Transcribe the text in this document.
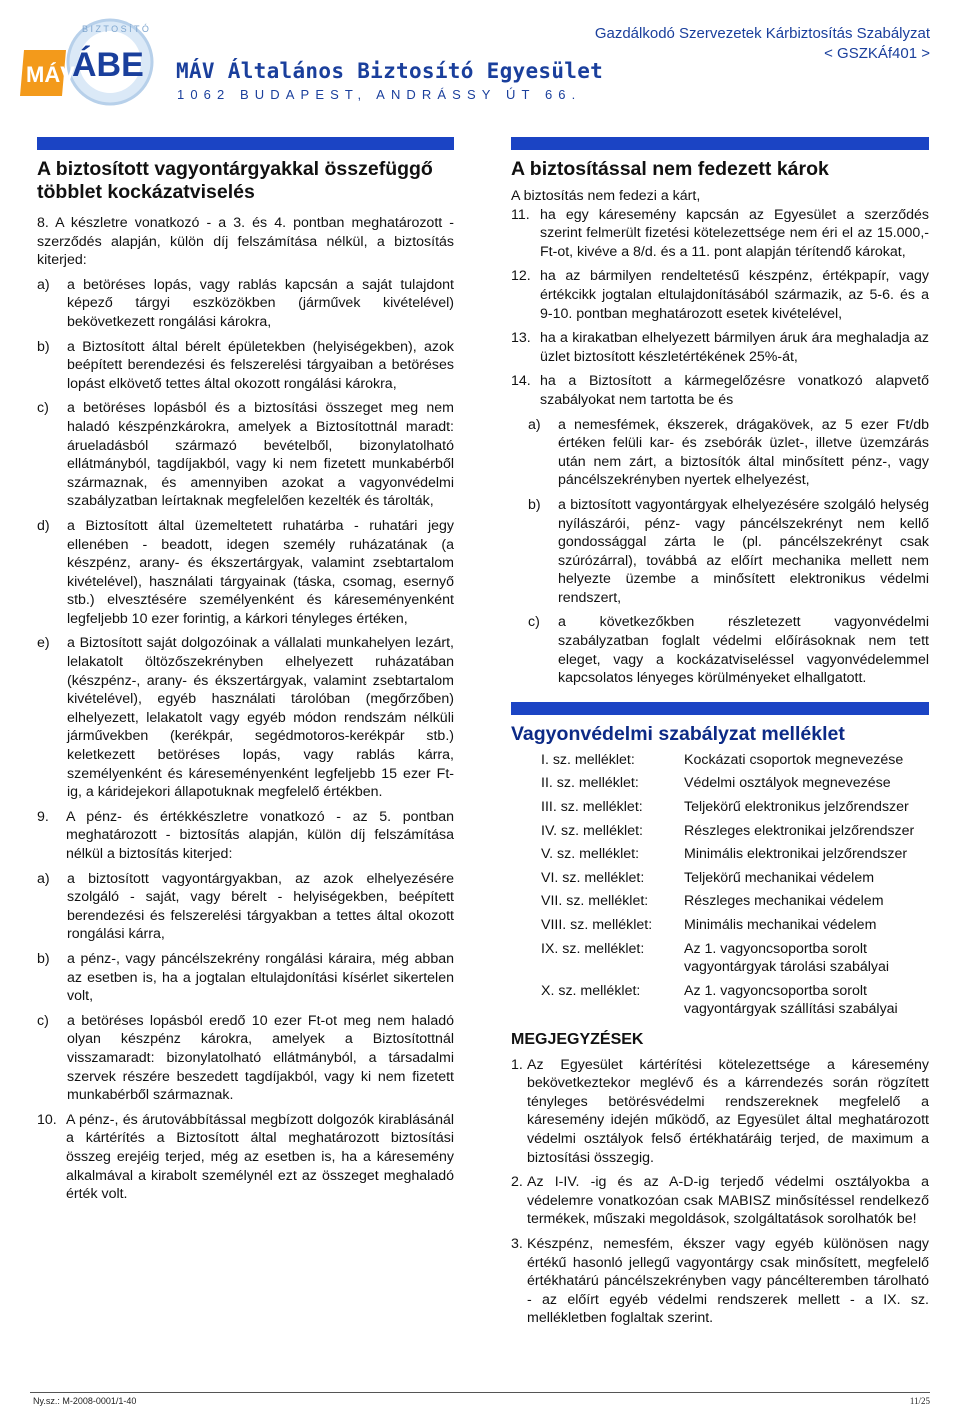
B I Z T O S Í T Ó
MÁV
ÁBE MÁV Általános Biztosító Egyesület
1062 BUDAPEST, ANDRÁSSY ÚT 66.
Gazdálkodó Szervezetek Kárbiztosítás Szabályzat
< GSZKÁf401 >
A biztosított vagyontárgyakkal összefüggő többlet kockázatviselés
8. A készletre vonatkozó - a 3. és 4. pontban meghatározott - szerződés alapján, külön díj felszámítása nélkül, a biztosítás kiterjed:
a)	a betöréses lopás, vagy rablás kapcsán a saját tulajdont képező tárgyi eszközökben (járművek kivételével) bekövetkezett rongálási károkra,
b)	a Biztosított által bérelt épületekben (helyiségekben), azok beépített berendezési és felszerelési tárgyaiban a betöréses lopást elkövető tettes által okozott rongálási károkra,
c)	a betöréses lopásból és a biztosítási összeget meg nem haladó készpénzkárokra, amelyek a Biztosítottnál maradt: árueladásból származó bevételből, bizonylatolható ellátmányból, tagdíjakból, vagy ki nem fizetett munkabérből származnak, és amennyiben azokat a vagyonvédelmi szabályzatban leírtaknak megfelelően kezelték és tárolták,
d)	a Biztosított által üzemeltetett ruhatárba - ruhatári jegy ellenében - beadott, idegen személy ruházatának (a készpénz, arany- és ékszertárgyak, valamint zsebtartalom kivételével), használati tárgyainak (táska, csomag, esernyő stb.) elvesztésére személyenként és káreseményenként legfeljebb 10 ezer forintig, a kárkori tényleges értéken,
e)	a Biztosított saját dolgozóinak a vállalati munkahelyen lezárt, lelakatolt öltözőszekrényben elhelyezett ruházatában (készpénz-, arany- és ékszertárgyak, valamint zsebtartalom kivételével), egyéb használati tárolóban (megőrzőben) elhelyezett, lelakatolt vagy egyéb módon rendszám nélküli járművekben (kerékpár, segédmotoros-kerékpár stb.) keletkezett betöréses lopás, vagy rablás kárra, személyenként és káreseményenként legfeljebb 15 ezer Ft-ig, a káridejekori állapotuknak megfelelő értékben.
9.	A pénz- és értékkészletre vonatkozó - az 5. pontban meghatározott - biztosítás alapján, külön díj felszámítása nélkül a biztosítás kiterjed:
a)	a biztosított vagyontárgyakban, az azok elhelyezésére szolgáló - saját, vagy bérelt - helyiségekben, beépített berendezési és felszerelési tárgyakban a tettes által okozott rongálási kárra,
b)	a pénz-, vagy páncélszekrény rongálási káraira, még abban az esetben is, ha a jogtalan eltulajdonítási kísérlet sikertelen volt,
c)	a betöréses lopásból eredő 10 ezer Ft-ot meg nem haladó olyan készpénz károkra, amelyek a Biztosítottnál visszamaradt: bizonylatolható ellátmányból, a társadalmi szervek részére beszedett tagdíjakból, vagy ki nem fizetett munkabérből származnak.
10. A pénz-, és árutovábbítással megbízott dolgozók kirablásánál a kártérítés a Biztosított által meghatározott biztosítási összeg erejéig terjed, még az esetben is, ha a káresemény alkalmával a kirabolt személynél ezt az összeget meghaladó érték volt.
A biztosítással nem fedezett károk
A biztosítás nem fedezi a kárt,
11. ha egy káresemény kapcsán az Egyesület a szerződés szerint felmerült fizetési kötelezettsége nem éri el az 15.000,-Ft-ot, kivéve a 8/d. és a 11. pont alapján térítendő károkat,
12. ha az bármilyen rendeltetésű készpénz, értékpapír, vagy értékcikk jogtalan eltulajdonításából származik, az 5-6. és a 9-10. pontban meghatározott esetek kivételével,
13. ha a kirakatban elhelyezett bármilyen áruk ára meghaladja az üzlet biztosított készletértékének 25%-át,
14. ha a Biztosított a kármegelőzésre vonatkozó alapvető szabályokat nem tartotta be és
a)	a nemesfémek, ékszerek, drágakövek, az 5 ezer Ft/db értéken felüli kar- és zsebórák üzlet-, illetve üzemzárás után nem zárt, a biztosítók által minősített pénz-, vagy páncélszekrényben nyertek elhelyezést,
b)	a biztosított vagyontárgyak elhelyezésére szolgáló helység nyílászárói, pénz- vagy páncélszekrényt nem kellő gondossággal zárta le (pl. páncélszekrényt csak szúrózárral), továbbá az előírt mechanika mellett nem helyezte üzembe a minősített elektronikus védelmi rendszert,
c)	a következőkben részletezett vagyonvédelmi szabályzatban foglalt védelmi előírásoknak nem tett eleget, vagy a kockázatviseléssel vagyonvédelemmel kapcsolatos lényeges körülményeket elhallgatott.
Vagyonvédelmi szabályzat melléklet
I. sz. melléklet:	Kockázati csoportok megnevezése
II. sz. melléklet:	Védelmi osztályok megnevezése
III. sz. melléklet:	Teljekörű elektronikus jelzőrendszer
IV. sz. melléklet:	Részleges elektronikai jelzőrendszer
V. sz. melléklet:	Minimális elektronikai jelzőrendszer
VI. sz. melléklet:	Teljekörű mechanikai védelem
VII. sz. melléklet:	Részleges mechanikai védelem
VIII. sz. melléklet:	Minimális mechanikai védelem
IX. sz. melléklet:	Az 1. vagyoncsoportba sorolt vagyontárgyak tárolási szabályai
X. sz. melléklet:	Az 1. vagyoncsoportba sorolt vagyontárgyak szállítási szabályai
MEGJEGYZÉSEK
1. Az Egyesület kártérítési kötelezettsége a káresemény bekövetkeztekor meglévő és a kárrendezés során rögzített tényleges betörésvédelmi rendszereknek megfelelő a káresemény idején működő, az Egyesület által meghatározott védelmi osztályok felső értékhatáráig terjed, de maximum a biztosítási összegig.
2. Az I-IV. -ig és az A-D-ig terjedő védelmi osztályokba a védelemre vonatkozóan csak MABISZ minősítéssel rendelkező termékek, műszaki megoldások, szolgáltatások sorolhatók be!
3. Készpénz, nemesfém, ékszer vagy egyéb különösen nagy értékű hasonló jellegű vagyontárgy csak minősített, megfelelő értékhatárú páncélszekrényben vagy páncélteremben tárolható - az előírt egyéb védelmi rendszerek mellett - a IX. sz. mellékletben foglaltak szerint.
Ny.sz.: M-2008-0001/1-40	11/25
